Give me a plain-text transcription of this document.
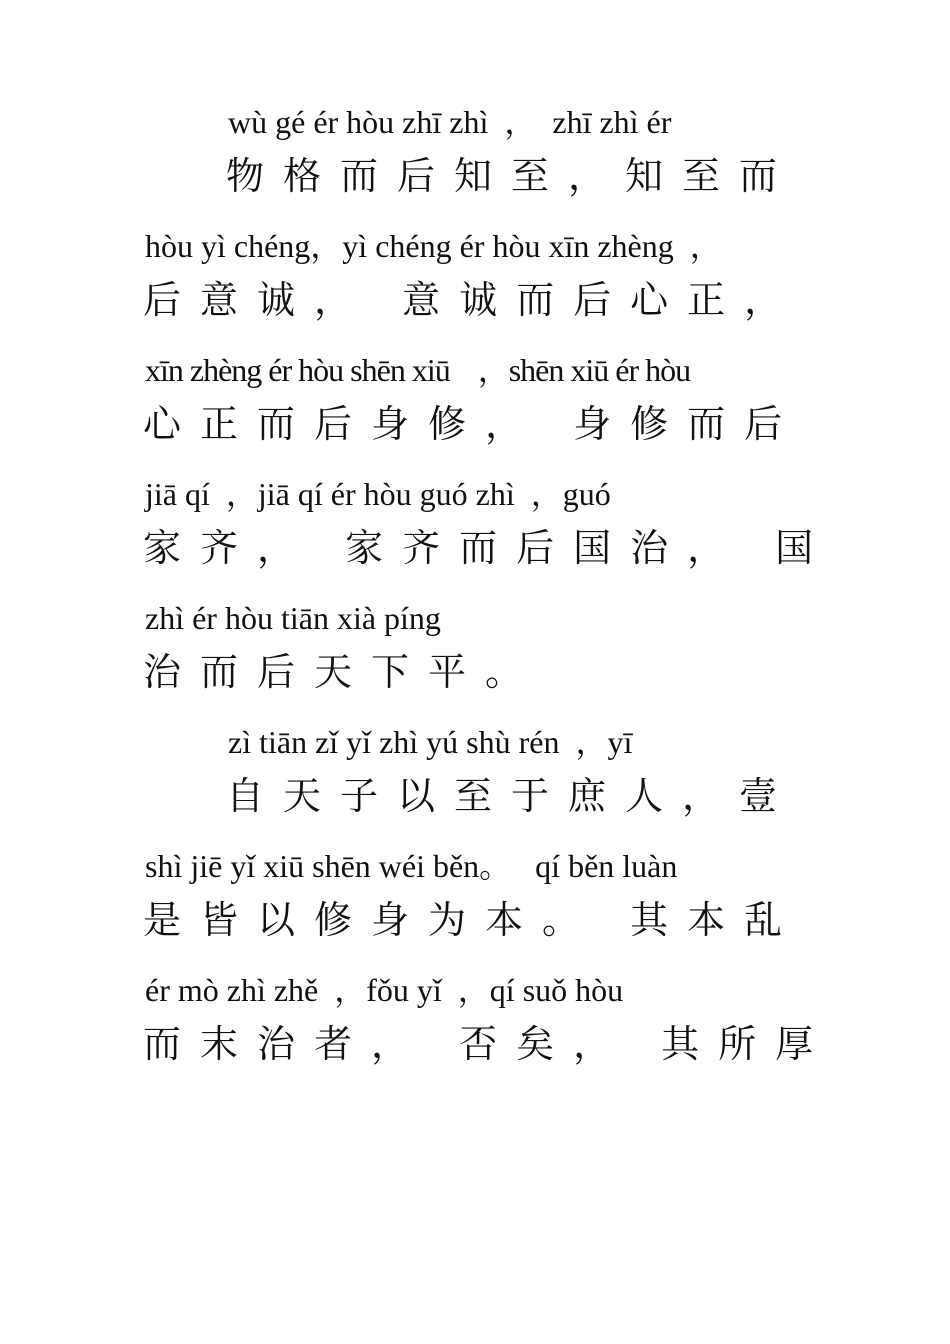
wù gé ér hòu zhī zhì  ，  zhī zhì ér
物格而后知至，知至而
hòu yì chéng，yì chéng ér hòu xīn zhèng  ，
后意诚， 意诚而后心正，
xīn zhèng ér hòu shēn xiū    ，shēn xiū ér hòu
心正而后身修， 身修而后
jiā qí  ，jiā qí ér hòu guó zhì  ，guó
家齐， 家齐而后国治， 国
zhì ér hòu tiān xià píng
治而后天下平。
zì tiān zǐ yǐ zhì yú shù rén  ，yī
自天子以至于庶人，壹
shì jiē yǐ xiū shēn wéi běn。   qí běn luàn
是皆以修身为本。 其本乱
ér mò zhì zhě  ，fǒu yǐ  ，qí suǒ hòu
而末治者， 否矣， 其所厚
